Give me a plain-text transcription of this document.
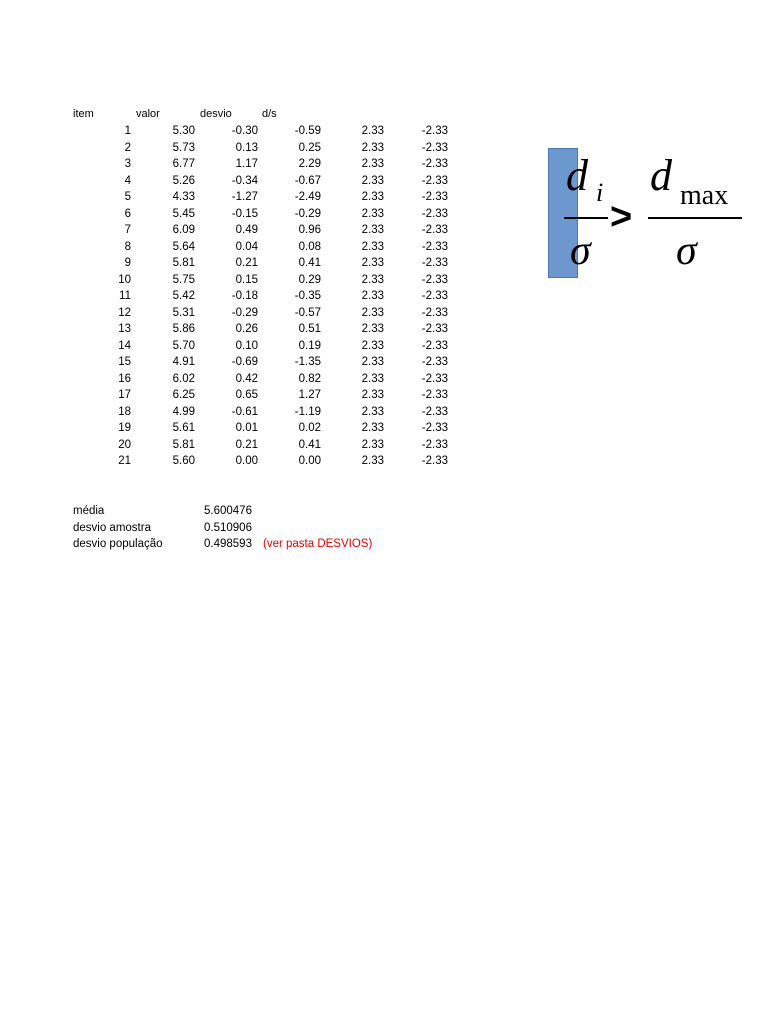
item	valor	desvio	d/s
1	5.30	-0.30	-0.59	2.33	-2.33
2	5.73	0.13	0.25	2.33	-2.33
3	6.77	1.17	2.29	2.33	-2.33
4	5.26	-0.34	-0.67	2.33	-2.33
5	4.33	-1.27	-2.49	2.33	-2.33
6	5.45	-0.15	-0.29	2.33	-2.33
7	6.09	0.49	0.96	2.33	-2.33
8	5.64	0.04	0.08	2.33	-2.33
9	5.81	0.21	0.41	2.33	-2.33
10	5.75	0.15	0.29	2.33	-2.33
11	5.42	-0.18	-0.35	2.33	-2.33
12	5.31	-0.29	-0.57	2.33	-2.33
13	5.86	0.26	0.51	2.33	-2.33
14	5.70	0.10	0.19	2.33	-2.33
15	4.91	-0.69	-1.35	2.33	-2.33
16	6.02	0.42	0.82	2.33	-2.33
17	6.25	0.65	1.27	2.33	-2.33
18	4.99	-0.61	-1.19	2.33	-2.33
19	5.61	0.01	0.02	2.33	-2.33
20	5.81	0.21	0.41	2.33	-2.33
21	5.60	0.00	0.00	2.33	-2.33
média	5.600476
desvio amostra	0.510906
desvio população	0.498593 (ver pasta DESVIOS)
d i
σ
>
d max
σ
